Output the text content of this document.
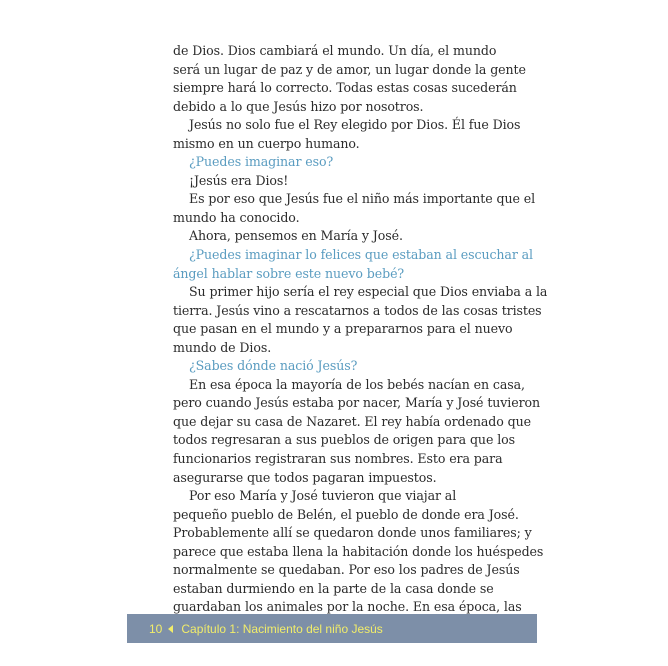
de Dios. Dios cambiará el mundo. Un día, el mundo
será un lugar de paz y de amor, un lugar donde la gente
siempre hará lo correcto. Todas estas cosas sucederán
debido a lo que Jesús hizo por nosotros.
Jesús no solo fue el Rey elegido por Dios. Él fue Dios
mismo en un cuerpo humano.
¿Puedes imaginar eso?
¡Jesús era Dios!
Es por eso que Jesús fue el niño más importante que el
mundo ha conocido.
Ahora, pensemos en María y José.
¿Puedes imaginar lo felices que estaban al escuchar al
ángel hablar sobre este nuevo bebé?
Su primer hijo sería el rey especial que Dios enviaba a la
tierra. Jesús vino a rescatarnos a todos de las cosas tristes
que pasan en el mundo y a prepararnos para el nuevo
mundo de Dios.
¿Sabes dónde nació Jesús?
En esa época la mayoría de los bebés nacían en casa,
pero cuando Jesús estaba por nacer, María y José tuvieron
que dejar su casa de Nazaret. El rey había ordenado que
todos regresaran a sus pueblos de origen para que los
funcionarios registraran sus nombres. Esto era para
asegurarse que todos pagaran impuestos.
Por eso María y José tuvieron que viajar al
pequeño pueblo de Belén, el pueblo de donde era José.
Probablemente allí se quedaron donde unos familiares; y
parece que estaba llena la habitación donde los huéspedes
normalmente se quedaban. Por eso los padres de Jesús
estaban durmiendo en la parte de la casa donde se
guardaban los animales por la noche. En esa época, las
10 Capítulo 1: Nacimiento del niño Jesús
